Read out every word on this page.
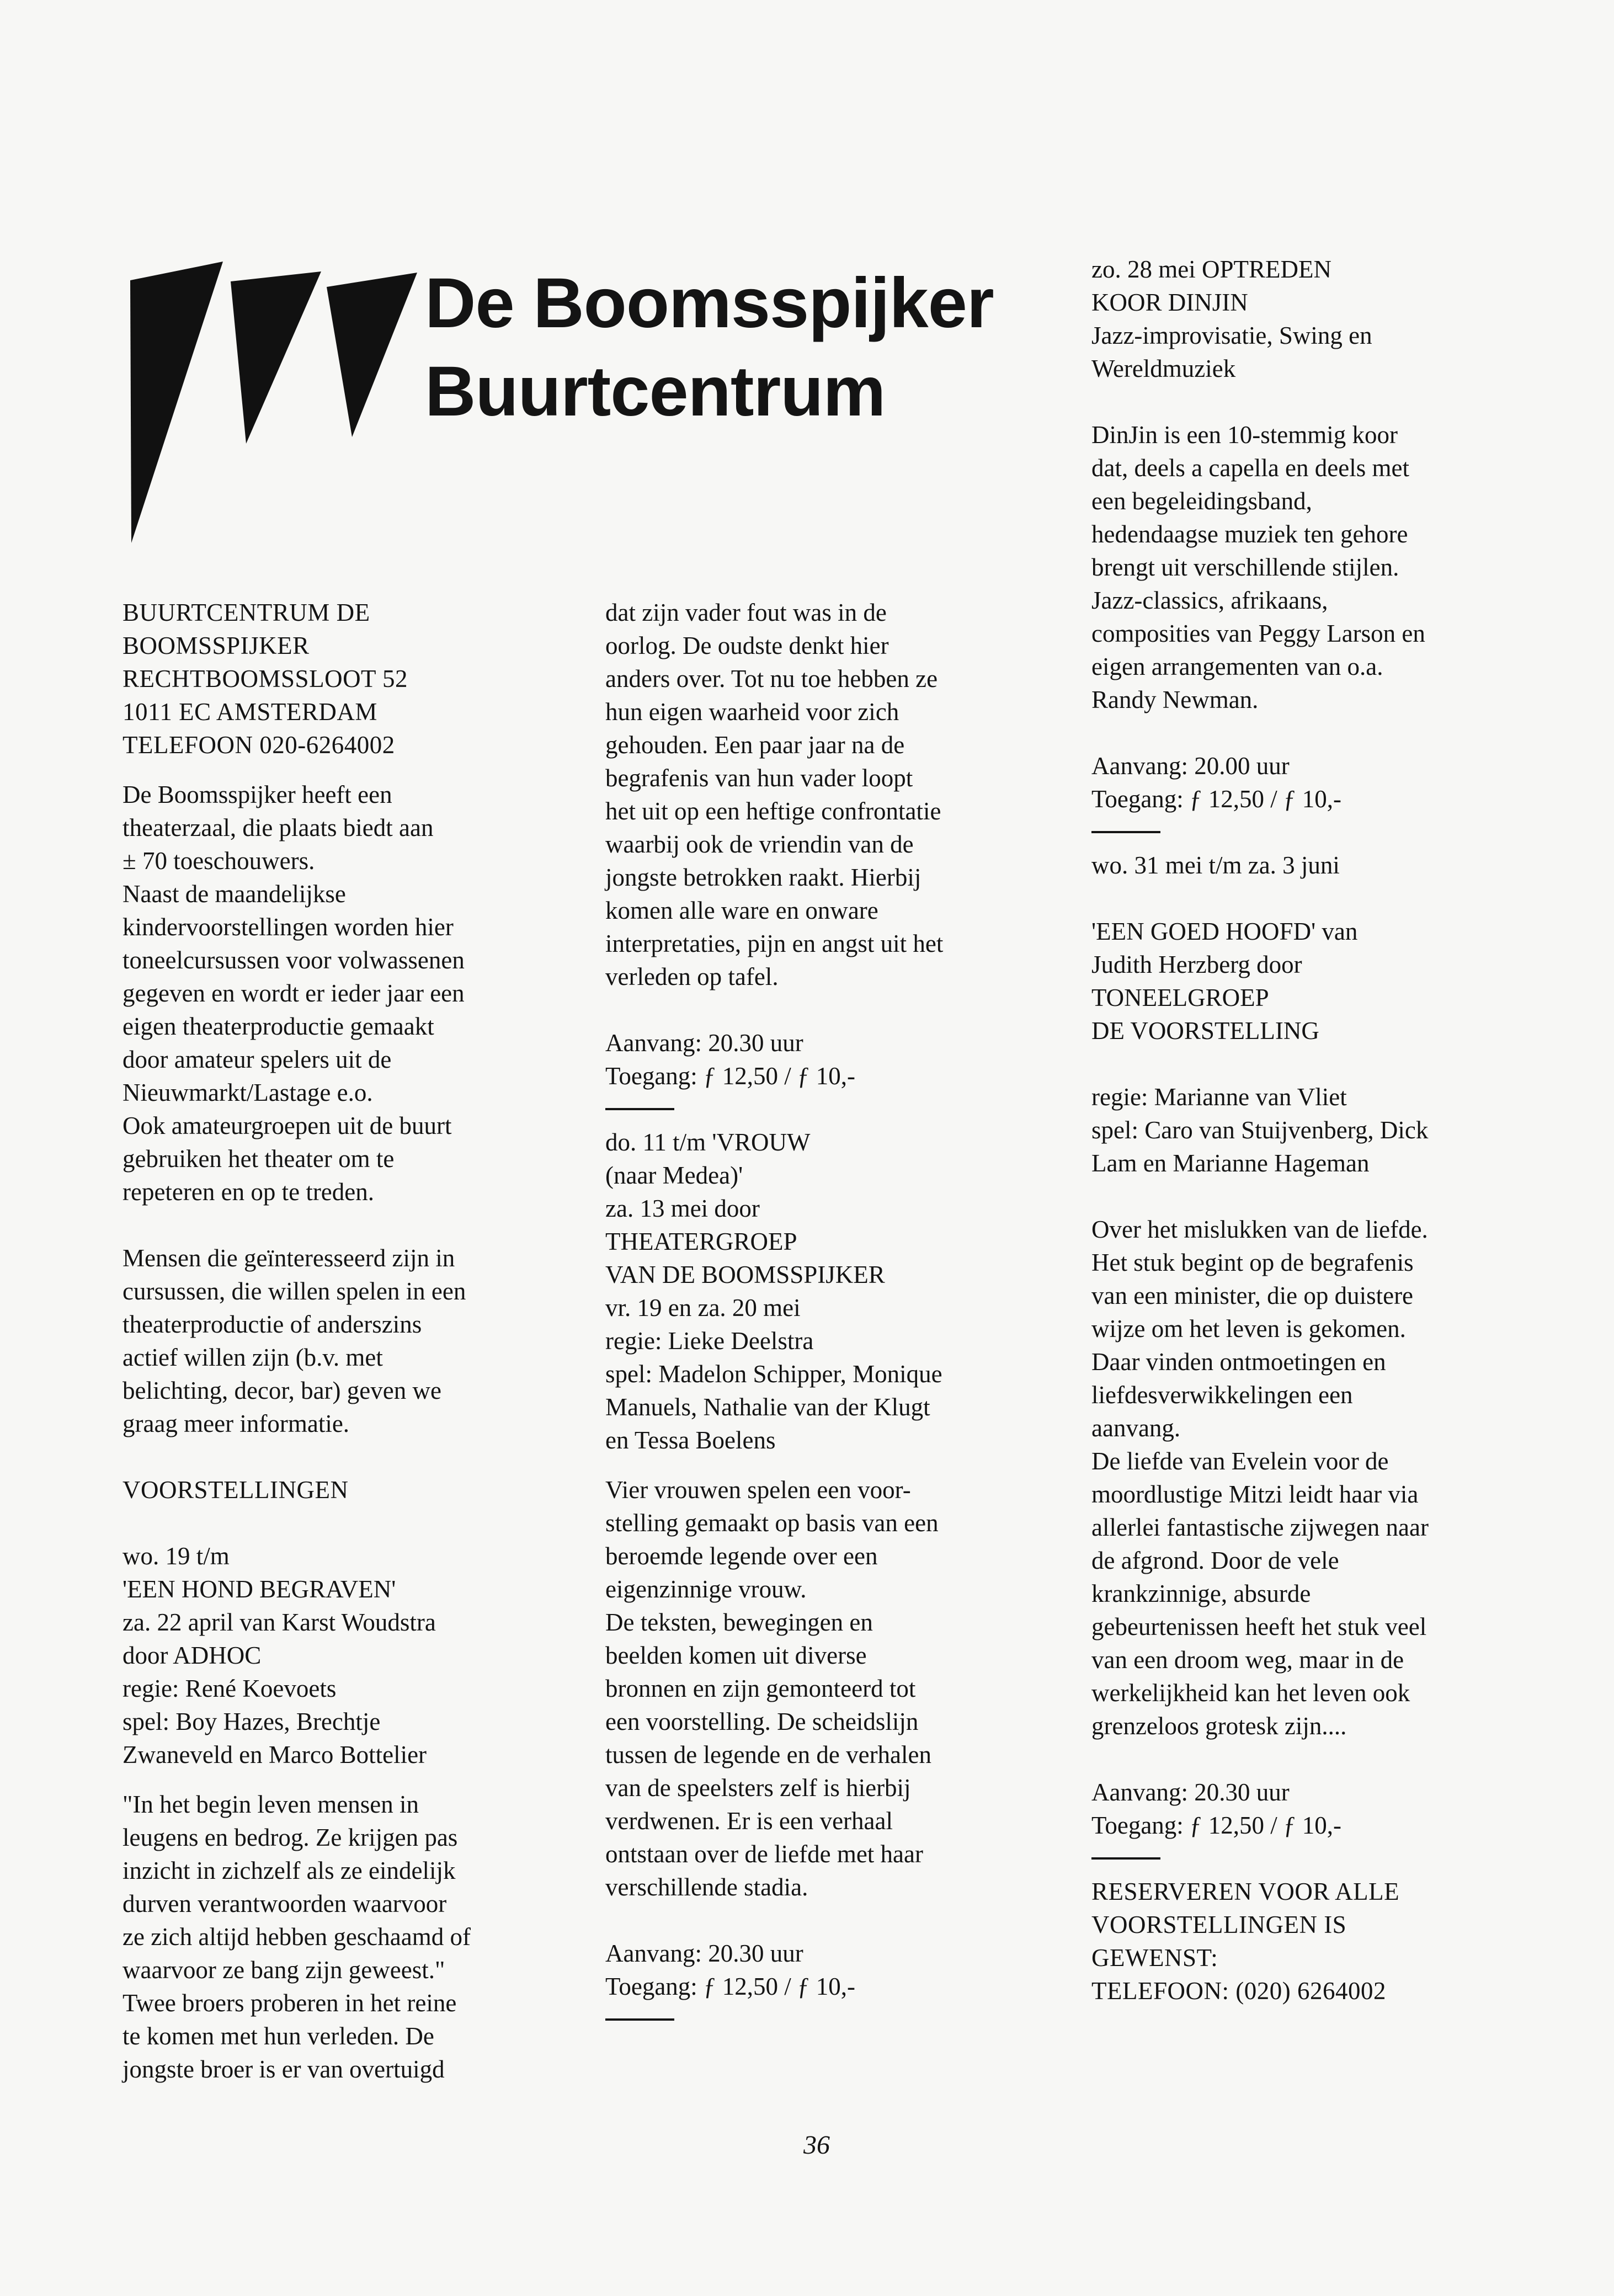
De Boomsspijker
Buurtcentrum

BUURTCENTRUM DE

BOOMSSPIJKER

RECHTBOOMSSLOOT 52

1011 EC AMSTERDAM

TELEFOON 020-6264002

De Boomsspijker heeft een

theaterzaal, die plaats biedt aan

± 70 toeschouwers.

Naast de maandelijkse

kindervoorstellingen worden hier

toneelcursussen voor volwassenen

gegeven en wordt er ieder jaar een

eigen theaterproductie gemaakt

door amateur spelers uit de

Nieuwmarkt/Lastage e.o.

Ook amateurgroepen uit de buurt

gebruiken het theater om te

repeteren en op te treden.

Mensen die geïnteresseerd zijn in

cursussen, die willen spelen in een

theaterproductie of anderszins

actief willen zijn (b.v. met

belichting, decor, bar) geven we

graag meer informatie.

VOORSTELLINGEN

wo. 19 t/m

'EEN HOND BEGRAVEN'

za. 22 april van Karst Woudstra

door ADHOC

regie: René Koevoets

spel: Boy Hazes, Brechtje

Zwaneveld en Marco Bottelier

"In het begin leven mensen in

leugens en bedrog. Ze krijgen pas

inzicht in zichzelf als ze eindelijk

durven verantwoorden waarvoor

ze zich altijd hebben geschaamd of

waarvoor ze bang zijn geweest."

Twee broers proberen in het reine

te komen met hun verleden. De

jongste broer is er van overtuigd

dat zijn vader fout was in de

oorlog. De oudste denkt hier

anders over. Tot nu toe hebben ze

hun eigen waarheid voor zich

gehouden. Een paar jaar na de

begrafenis van hun vader loopt

het uit op een heftige confrontatie

waarbij ook de vriendin van de

jongste betrokken raakt. Hierbij

komen alle ware en onware

interpretaties, pijn en angst uit het

verleden op tafel.

Aanvang: 20.30 uur

Toegang: ƒ 12,50 / ƒ 10,-

do. 11 t/m 'VROUW

(naar Medea)'

za. 13 mei door

THEATERGROEP

VAN DE BOOMSSPIJKER

vr. 19 en za. 20 mei

regie: Lieke Deelstra

spel: Madelon Schipper, Monique

Manuels, Nathalie van der Klugt

en Tessa Boelens

Vier vrouwen spelen een voor-

stelling gemaakt op basis van een

beroemde legende over een

eigenzinnige vrouw.

De teksten, bewegingen en

beelden komen uit diverse

bronnen en zijn gemonteerd tot

een voorstelling. De scheidslijn

tussen de legende en de verhalen

van de speelsters zelf is hierbij

verdwenen. Er is een verhaal

ontstaan over de liefde met haar

verschillende stadia.

Aanvang: 20.30 uur

Toegang: ƒ 12,50 / ƒ 10,-

zo. 28 mei OPTREDEN

KOOR DINJIN

Jazz-improvisatie, Swing en

Wereldmuziek

DinJin is een 10-stemmig koor

dat, deels a capella en deels met

een begeleidingsband,

hedendaagse muziek ten gehore

brengt uit verschillende stijlen.

Jazz-classics, afrikaans,

composities van Peggy Larson en

eigen arrangementen van o.a.

Randy Newman.

Aanvang: 20.00 uur

Toegang: ƒ 12,50 / ƒ 10,-

wo. 31 mei t/m za. 3 juni

'EEN GOED HOOFD' van

Judith Herzberg door

TONEELGROEP

DE VOORSTELLING

regie: Marianne van Vliet

spel: Caro van Stuijvenberg, Dick

Lam en Marianne Hageman

Over het mislukken van de liefde.

Het stuk begint op de begrafenis

van een minister, die op duistere

wijze om het leven is gekomen.

Daar vinden ontmoetingen en

liefdesverwikkelingen een

aanvang.

De liefde van Evelein voor de

moordlustige Mitzi leidt haar via

allerlei fantastische zijwegen naar

de afgrond. Door de vele

krankzinnige, absurde

gebeurtenissen heeft het stuk veel

van een droom weg, maar in de

werkelijkheid kan het leven ook

grenzeloos grotesk zijn....

Aanvang: 20.30 uur

Toegang: ƒ 12,50 / ƒ 10,-

RESERVEREN VOOR ALLE

VOORSTELLINGEN IS

GEWENST:

TELEFOON: (020) 6264002

36
